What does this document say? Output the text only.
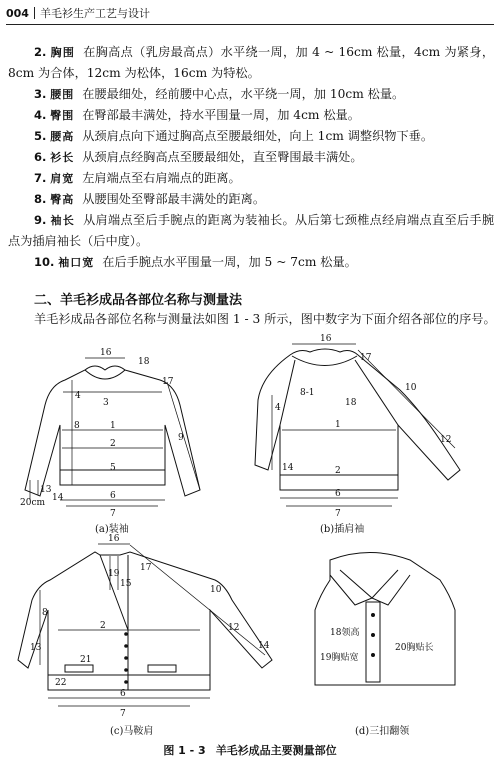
004 羊毛衫生产工艺与设计
2. 胸围 在胸高点（乳房最高点）水平绕一周，加 4 ~ 16cm 松量，4cm 为紧身，8cm 为合体，12cm 为松体，16cm 为特松。
3. 腰围 在腰最细处，经前腰中心点，水平绕一周，加 10cm 松量。
4. 臀围 在臀部最丰满处，持水平围量一周，加 4cm 松量。
5. 腰高 从颈肩点向下通过胸高点至腰最细处，向上 1cm 调整织物下垂。
6. 衫长 从颈肩点经胸高点至腰最细处，直至臀围最丰满处。
7. 肩宽 左肩端点至右肩端点的距离。
8. 臀高 从腰围处至臀部最丰满处的距离。
9. 袖长 从肩端点至后手腕点的距离为装袖长。从后第七颈椎点经肩端点直至后手腕点为插肩袖长（后中度）。
10. 袖口宽 在后手腕点水平围量一周，加 5 ~ 7cm 松量。
二、羊毛衫成品各部位名称与测量法
羊毛衫成品各部位名称与测量法如图 1 - 3 所示，图中数字为下面介绍各部位的序号。
16
18
17
3
4
8	1
2
9
5
6
7
13
14
20cm
16
17
10
8-1
18
4
1
2
12
14
6
7
16
19
15
17
10
8
2	12
13
21
22
6
7
14
18领高
19胸贴宽
20胸贴长
(a)装袖	(b)插肩袖
(c)马鞍肩	(d)三扣翻领
图 1 - 3 羊毛衫成品主要测量部位
